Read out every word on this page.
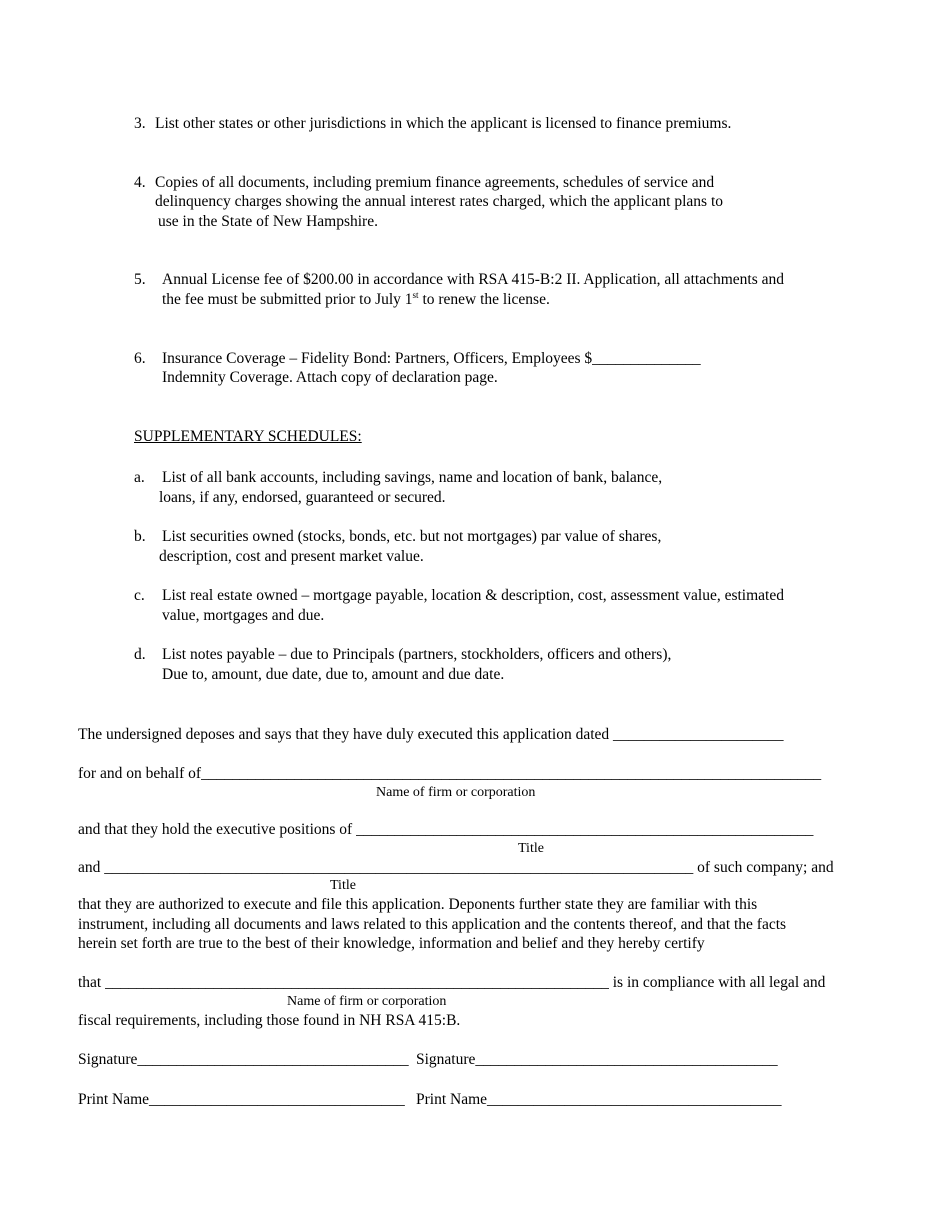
3. List other states or other jurisdictions in which the applicant is licensed to finance premiums.
4. Copies of all documents, including premium finance agreements, schedules of service and
delinquency charges showing the annual interest rates charged, which the applicant plans to
use in the State of New Hampshire.
5. Annual License fee of $200.00 in accordance with RSA 415-B:2 II. Application, all attachments and
the fee must be submitted prior to July 1st to renew the license.
6. Insurance Coverage – Fidelity Bond: Partners, Officers, Employees $______________
Indemnity Coverage. Attach copy of declaration page.
SUPPLEMENTARY SCHEDULES:
a. List of all bank accounts, including savings, name and location of bank, balance,
loans, if any, endorsed, guaranteed or secured.
b. List securities owned (stocks, bonds, etc. but not mortgages) par value of shares,
description, cost and present market value.
c. List real estate owned – mortgage payable, location & description, cost, assessment value, estimated
value, mortgages and due.
d. List notes payable – due to Principals (partners, stockholders, officers and others),
Due to, amount, due date, due to, amount and due date.
The undersigned deposes and says that they have duly executed this application dated ______________________
for and on behalf of________________________________________________________________________________
Name of firm or corporation
and that they hold the executive positions of ___________________________________________________________
Title
and ____________________________________________________________________________ of such company; and
Title
that they are authorized to execute and file this application. Deponents further state they are familiar with this
instrument, including all documents and laws related to this application and the contents thereof, and that the facts
herein set forth are true to the best of their knowledge, information and belief and they hereby certify
that _________________________________________________________________ is in compliance with all legal and
Name of firm or corporation
fiscal requirements, including those found in NH RSA 415:B.
Signature___________________________________ Signature_______________________________________
Print Name_________________________________ Print Name______________________________________
